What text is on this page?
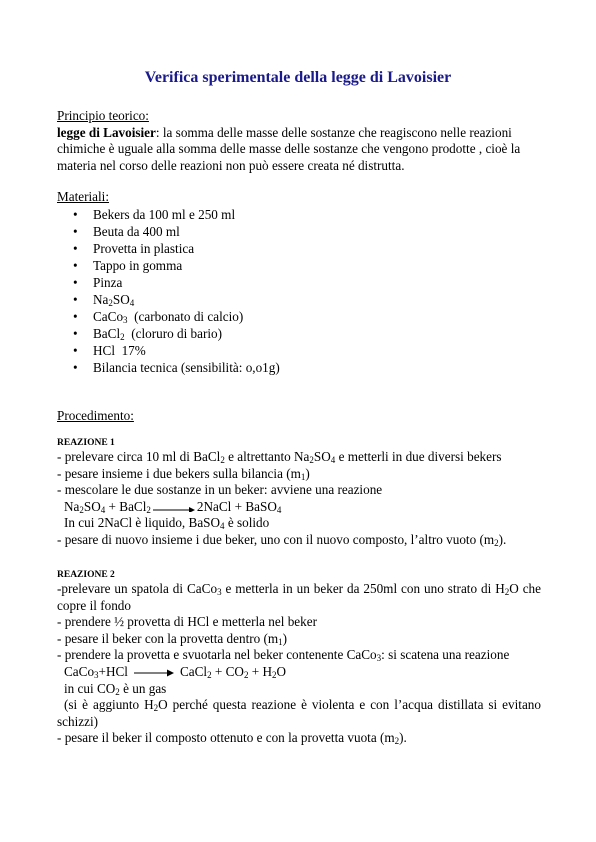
Verifica sperimentale della legge di Lavoisier
Principio teorico:
legge di Lavoisier: la somma delle masse delle sostanze che reagiscono nelle reazioni chimiche è uguale alla somma delle masse delle sostanze che vengono prodotte , cioè la materia nel corso delle reazioni non può essere creata né distrutta.
Materiali:
• Bekers da 100 ml e 250 ml
• Beuta da 400 ml
• Provetta in plastica
• Tappo in gomma
• Pinza
• $Na_2SO_4$
• CaCo$_3$  (carbonato di calcio)
• BaCl$_2$  (cloruro di bario)
• HCl  17%
• Bilancia tecnica (sensibilità: o,o1g)
Procedimento:
REAZIONE 1
- prelevare circa 10 ml di BaCl$_2$ e altrettanto $Na_2SO_4$ e metterli in due diversi bekers
- pesare insieme i due bekers sulla bilancia $(m_1)$
- mescolare le due sostanze in un beker: avviene una reazione
$Na_2SO_4$ + BaCl$_2$ → 2NaCl + BaSO$_4$
In cui 2NaCl è liquido, BaSO$_4$ è solido
- pesare di nuovo insieme i due beker, uno con il nuovo composto, l’altro vuoto $(m_2)$.
REAZIONE 2
-prelevare un spatola di CaCo$_3$ e metterla in un beker da 250ml con uno strato di $H_2O$ che copre il fondo
- prendere ½ provetta di HCl e metterla nel beker
- pesare il beker con la provetta dentro $(m_1)$
- prendere la provetta e svuotarla nel beker contenente CaCo$_3$: si scatena una reazione
CaCo$_3$+HCl → CaCl$_2$ + $CO_2 + H_2O$
in cui $CO_2$ è un gas
(si è aggiunto $H_2O$ perché questa reazione è violenta e con l’acqua distillata si evitano schizzi)
- pesare il beker il composto ottenuto e con la provetta vuota $(m_2)$.
